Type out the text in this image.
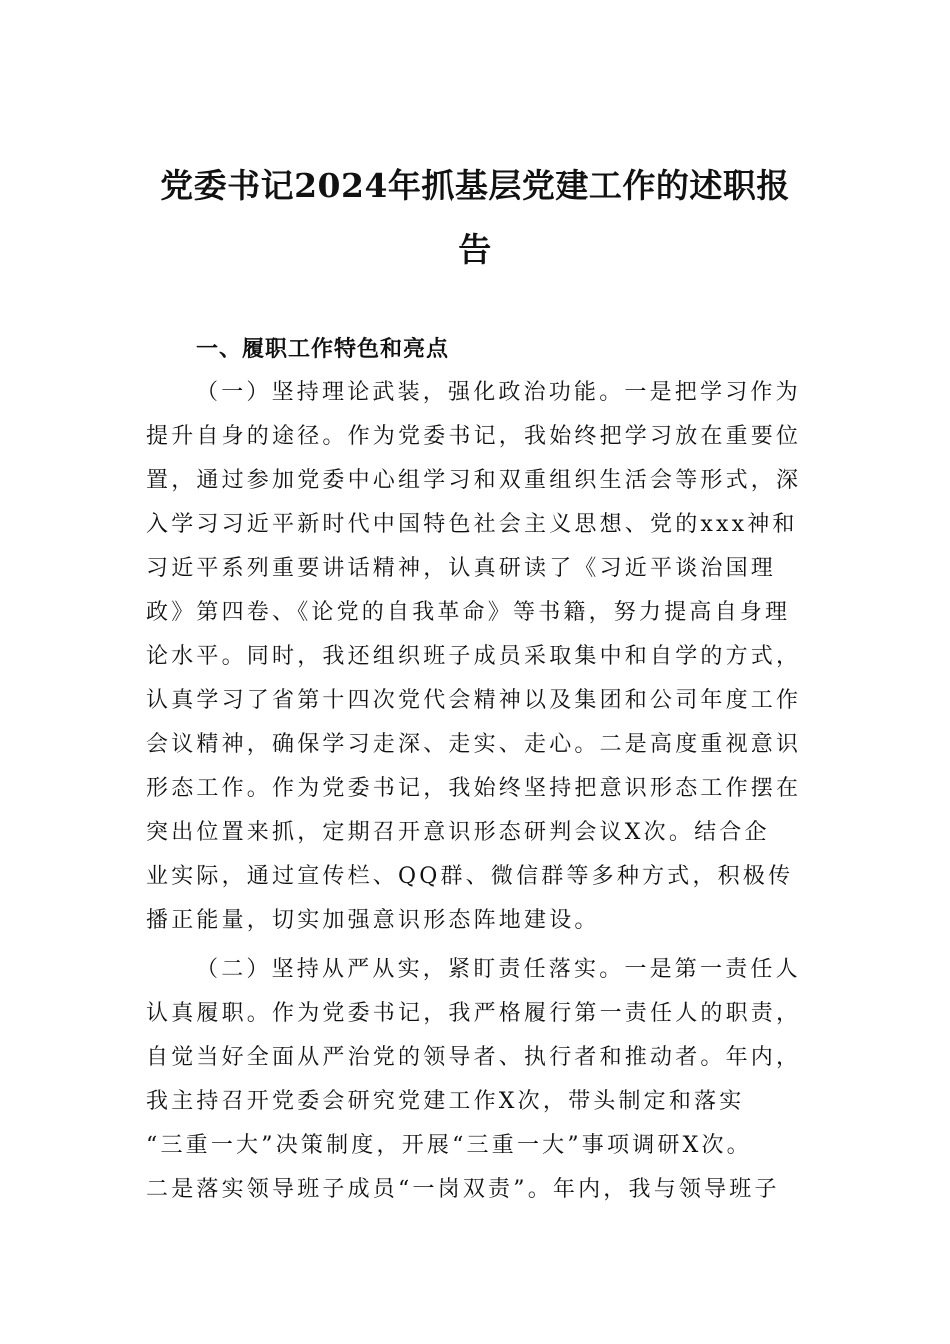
党委书记2024年抓基层党建工作的述职报
告
一、履职工作特色和亮点
（一）坚持理论武装，强化政治功能。一是把学习作为
提升自身的途径。作为党委书记，我始终把学习放在重要位
置，通过参加党委中心组学习和双重组织生活会等形式，深
入学习习近平新时代中国特色社会主义思想、党的xxx神和
习近平系列重要讲话精神，认真研读了《习近平谈治国理
政》第四卷、《论党的自我革命》等书籍，努力提高自身理
论水平。同时，我还组织班子成员采取集中和自学的方式，
认真学习了省第十四次党代会精神以及集团和公司年度工作
会议精神，确保学习走深、走实、走心。二是高度重视意识
形态工作。作为党委书记，我始终坚持把意识形态工作摆在
突出位置来抓，定期召开意识形态研判会议X次。结合企
业实际，通过宣传栏、QQ群、微信群等多种方式，积极传
播正能量，切实加强意识形态阵地建设。
（二）坚持从严从实，紧盯责任落实。一是第一责任人
认真履职。作为党委书记，我严格履行第一责任人的职责，
自觉当好全面从严治党的领导者、执行者和推动者。年内，
我主持召开党委会研究党建工作X次，带头制定和落实
“三重一大”决策制度，开展“三重一大”事项调研X次。
二是落实领导班子成员“一岗双责”。年内，我与领导班子
